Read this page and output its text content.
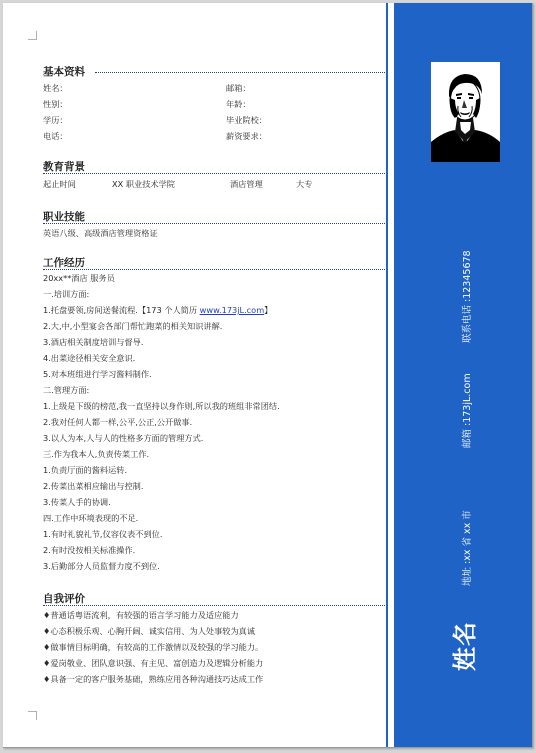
基本资料
姓名：	邮箱：
性别：	年龄：
学历：	毕业院校：
电话：	薪资要求：
教育背景
起止时间	XX 职业技术学院	酒店管理	大专
职业技能
英语八级、高级酒店管理资格证
工作经历
20xx**酒店 服务员
一.培训方面:
1.托盘要领,房间送餐流程.【173 个人简历 www.173jL.com】
2.大,中,小型宴会各部门帮忙跑菜的相关知识讲解.
3.酒店相关制度培训与督导.
4.出菜途径相关安全意识.
5.对本班组进行学习酱料制作.
二.管理方面:
1.上级是下级的榜范,我一直坚持以身作则,所以我的班组非常团结.
2.我对任何人都一样,公平,公正,公开做事.
3.以人为本,人与人的性格多方面的管理方式.
三.作为我本人,负责传菜工作.
1.负责厅面的酱料运转.
2.传菜出菜相应输出与控制.
3.传菜人手的协调.
四.工作中环境表现的不足.
1.有时礼貌礼节,仪容仪表不到位.
2.有时没按相关标准操作.
3.后勤部分人员监督力度不到位.
自我评价
♦普通话粤语流利，有较强的语言学习能力及适应能力
♦心态积极乐观、心胸开阔、诚实信用、为人处事较为真诚
♦做事情目标明确，有较高的工作激情以及较强的学习能力。
♦爱岗敬业、团队意识强、有主见、富创造力及逻辑分析能力
♦具备一定的客户服务基础，熟练应用各种沟通技巧达成工作
联系电话 :12345678
邮箱 :173jL.com
地址 :xx 省 xx 市
姓名
